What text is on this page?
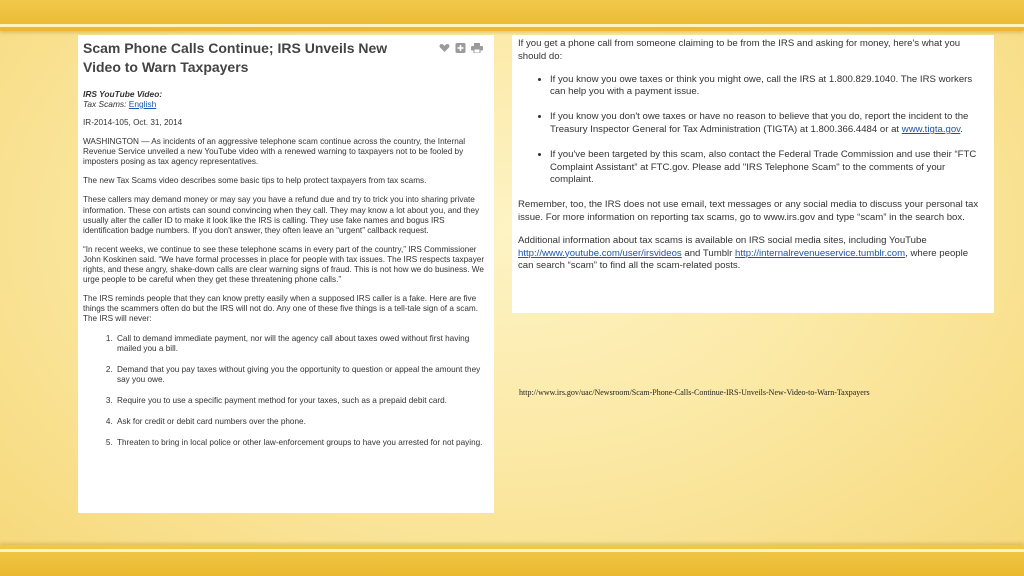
Scam Phone Calls Continue; IRS Unveils New Video to Warn Taxpayers
IRS YouTube Video:
Tax Scams: English

IR-2014-105, Oct. 31, 2014

WASHINGTON — As incidents of an aggressive telephone scam continue across the country, the Internal Revenue Service unveiled a new YouTube video with a renewed warning to taxpayers not to be fooled by imposters posing as tax agency representatives.

The new Tax Scams video describes some basic tips to help protect taxpayers from tax scams.

These callers may demand money or may say you have a refund due and try to trick you into sharing private information. These con artists can sound convincing when they call. They may know a lot about you, and they usually alter the caller ID to make it look like the IRS is calling. They use fake names and bogus IRS identification badge numbers. If you don't answer, they often leave an “urgent” callback request.

“In recent weeks, we continue to see these telephone scams in every part of the country,” IRS Commissioner John Koskinen said. “We have formal processes in place for people with tax issues. The IRS respects taxpayer rights, and these angry, shake-down calls are clear warning signs of fraud. This is not how we do business. We urge people to be careful when they get these threatening phone calls.”

The IRS reminds people that they can know pretty easily when a supposed IRS caller is a fake. Here are five things the scammers often do but the IRS will not do. Any one of these five things is a tell-tale sign of a scam. The IRS will never:

1. Call to demand immediate payment, nor will the agency call about taxes owed without first having mailed you a bill.
2. Demand that you pay taxes without giving you the opportunity to question or appeal the amount they say you owe.
3. Require you to use a specific payment method for your taxes, such as a prepaid debit card.
4. Ask for credit or debit card numbers over the phone.
5. Threaten to bring in local police or other law-enforcement groups to have you arrested for not paying.

If you get a phone call from someone claiming to be from the IRS and asking for money, here's what you should do:

• If you know you owe taxes or think you might owe, call the IRS at 1.800.829.1040. The IRS workers can help you with a payment issue.
• If you know you don't owe taxes or have no reason to believe that you do, report the incident to the Treasury Inspector General for Tax Administration (TIGTA) at 1.800.366.4484 or at www.tigta.gov.
• If you've been targeted by this scam, also contact the Federal Trade Commission and use their “FTC Complaint Assistant” at FTC.gov. Please add "IRS Telephone Scam" to the comments of your complaint.

Remember, too, the IRS does not use email, text messages or any social media to discuss your personal tax issue. For more information on reporting tax scams, go to www.irs.gov and type “scam” in the search box.

Additional information about tax scams is available on IRS social media sites, including YouTube http://www.youtube.com/user/irsvideos and Tumblr http://internalrevenueservice.tumblr.com, where people can search “scam” to find all the scam-related posts.

http://www.irs.gov/uac/Newsroom/Scam-Phone-Calls-Continue-IRS-Unveils-New-Video-to-Warn-Taxpayers
